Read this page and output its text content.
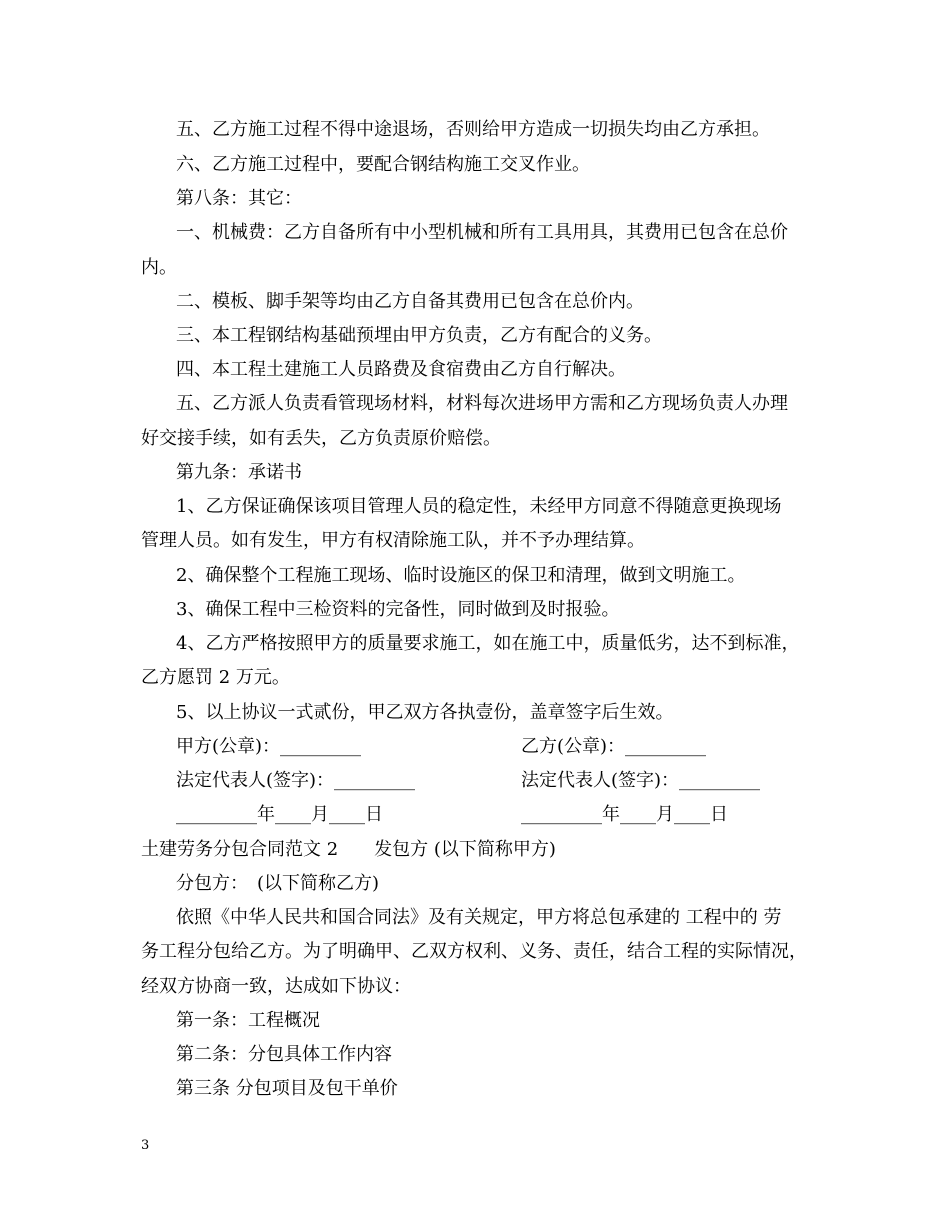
五、乙方施工过程不得中途退场，否则给甲方造成一切损失均由乙方承担。
六、乙方施工过程中，要配合钢结构施工交叉作业。
第八条：其它：
一、机械费：乙方自备所有中小型机械和所有工具用具，其费用已包含在总价
内。
二、模板、脚手架等均由乙方自备其费用已包含在总价内。
三、本工程钢结构基础预埋由甲方负责，乙方有配合的义务。
四、本工程土建施工人员路费及食宿费由乙方自行解决。
五、乙方派人负责看管现场材料，材料每次进场甲方需和乙方现场负责人办理
好交接手续，如有丢失，乙方负责原价赔偿。
第九条：承诺书
1、乙方保证确保该项目管理人员的稳定性，未经甲方同意不得随意更换现场
管理人员。如有发生，甲方有权清除施工队，并不予办理结算。
2、确保整个工程施工现场、临时设施区的保卫和清理，做到文明施工。
3、确保工程中三检资料的完备性，同时做到及时报验。
4、乙方严格按照甲方的质量要求施工，如在施工中，质量低劣，达不到标准，
乙方愿罚 2 万元。
5、以上协议一式贰份，甲乙双方各执壹份，盖章签字后生效。
甲方(公章)：_________	乙方(公章)：_________
法定代表人(签字)：_________	法定代表人(签字)：_________
_________年____月____日	_________年____月____日
土建劳务分包合同范文 2　　发包方 (以下简称甲方)
分包方：　(以下简称乙方)
依照《中华人民共和国合同法》及有关规定，甲方将总包承建的 工程中的 劳
务工程分包给乙方。为了明确甲、乙双方权利、义务、责任，结合工程的实际情况，
经双方协商一致，达成如下协议：
第一条：工程概况
第二条：分包具体工作内容
第三条 分包项目及包干单价
3
